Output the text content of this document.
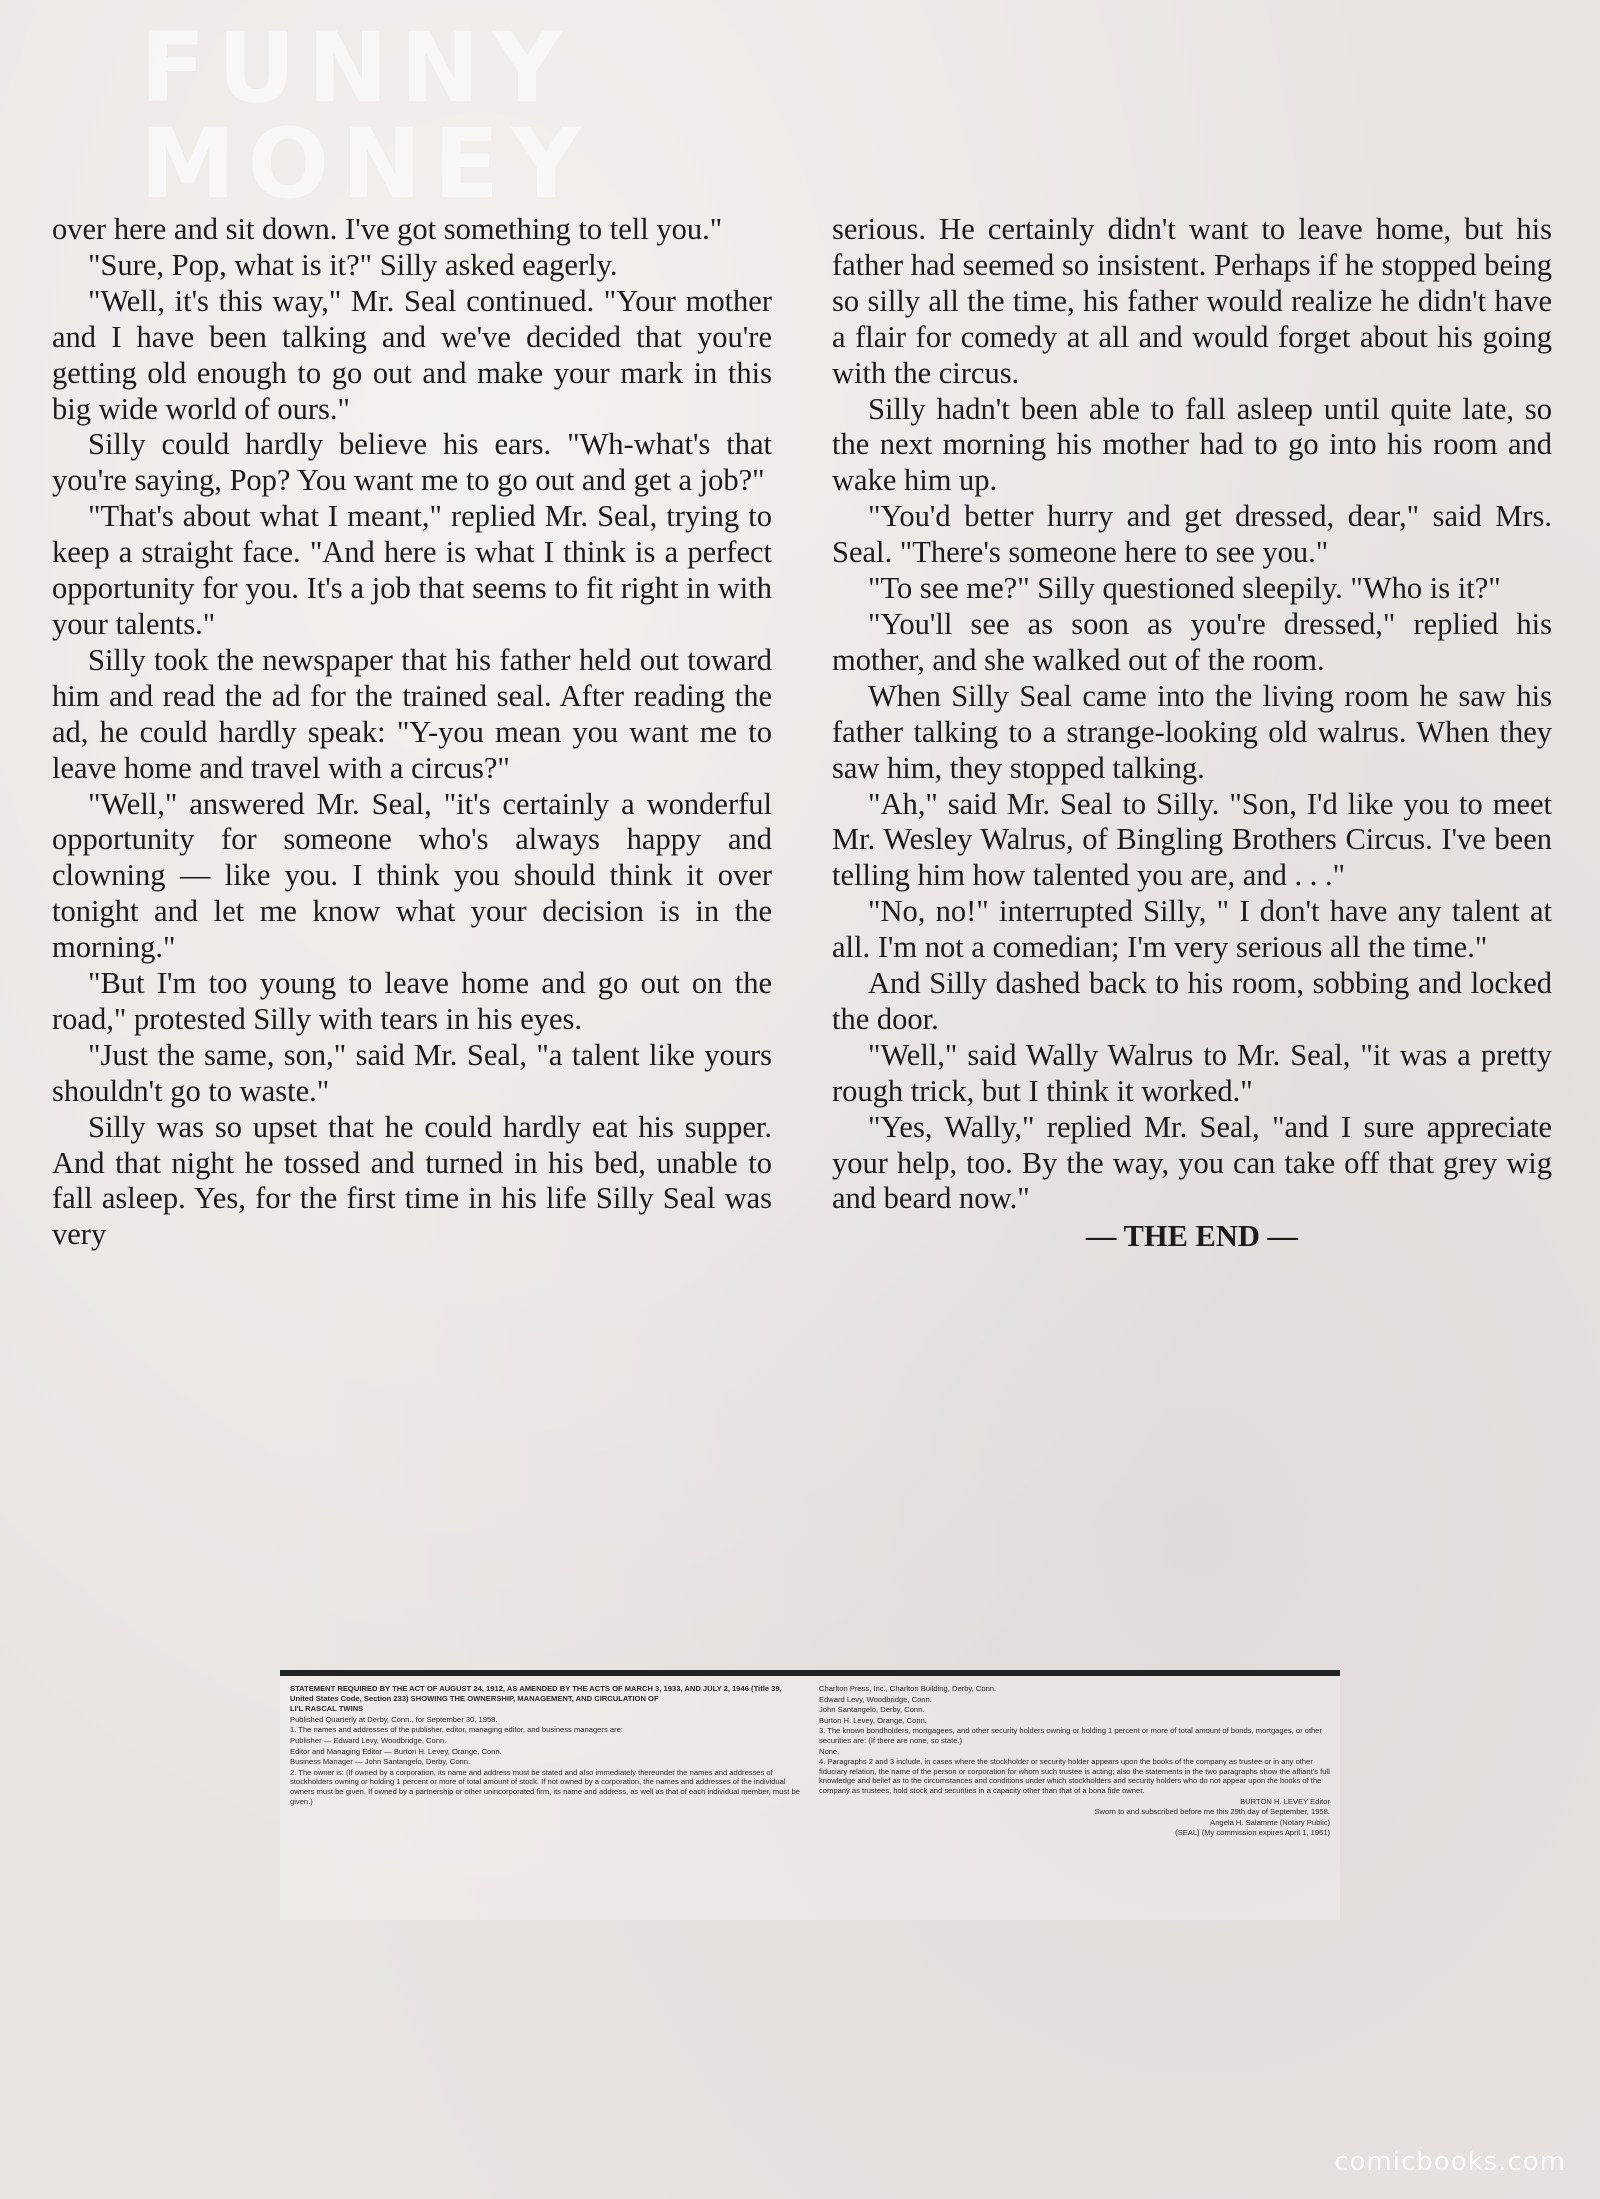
FUNNY
MONEY

over here and sit down. I've got something to tell you."

"Sure, Pop, what is it?" Silly asked eagerly.

"Well, it's this way," Mr. Seal continued. "Your mother and I have been talking and we've decided that you're getting old enough to go out and make your mark in this big wide world of ours."

Silly could hardly believe his ears. "Wh-what's that you're saying, Pop? You want me to go out and get a job?"

"That's about what I meant," replied Mr. Seal, trying to keep a straight face. "And here is what I think is a perfect opportunity for you. It's a job that seems to fit right in with your talents."

Silly took the newspaper that his father held out toward him and read the ad for the trained seal. After reading the ad, he could hardly speak: "Y-you mean you want me to leave home and travel with a circus?"

"Well," answered Mr. Seal, "it's certainly a wonderful opportunity for someone who's always happy and clowning — like you. I think you should think it over tonight and let me know what your decision is in the morning."

"But I'm too young to leave home and go out on the road," protested Silly with tears in his eyes.

"Just the same, son," said Mr. Seal, "a talent like yours shouldn't go to waste."

Silly was so upset that he could hardly eat his supper. And that night he tossed and turned in his bed, unable to fall asleep. Yes, for the first time in his life Silly Seal was very

serious. He certainly didn't want to leave home, but his father had seemed so insistent. Perhaps if he stopped being so silly all the time, his father would realize he didn't have a flair for comedy at all and would forget about his going with the circus.

Silly hadn't been able to fall asleep until quite late, so the next morning his mother had to go into his room and wake him up.

"You'd better hurry and get dressed, dear," said Mrs. Seal. "There's someone here to see you."

"To see me?" Silly questioned sleepily. "Who is it?"

"You'll see as soon as you're dressed," replied his mother, and she walked out of the room.

When Silly Seal came into the living room he saw his father talking to a strange-looking old walrus. When they saw him, they stopped talking.

"Ah," said Mr. Seal to Silly. "Son, I'd like you to meet Mr. Wesley Walrus, of Bingling Brothers Circus. I've been telling him how talented you are, and . . ."

"No, no!" interrupted Silly, " I don't have any talent at all. I'm not a comedian; I'm very serious all the time."

And Silly dashed back to his room, sobbing and locked the door.

"Well," said Wally Walrus to Mr. Seal, "it was a pretty rough trick, but I think it worked."

"Yes, Wally," replied Mr. Seal, "and I sure appreciate your help, too. By the way, you can take off that grey wig and beard now."

— THE END —

STATEMENT REQUIRED BY THE ACT OF AUGUST 24, 1912, AS AMENDED BY THE ACTS OF MARCH 3, 1933, AND JULY 2, 1946 (Title 39, United States Code, Section 233) SHOWING THE OWNERSHIP, MANAGEMENT, AND CIRCULATION OF

LI'L RASCAL TWINS

Published Quarterly at Derby, Conn., for September 30, 1958.

1. The names and addresses of the publisher, editor, managing editor, and business managers are:

Publisher — Edward Levy, Woodbridge, Conn.

Editor and Managing Editor — Burton H. Levey, Orange, Conn.

Business Manager — John Santangelo, Derby, Conn.

2. The owner is: (If owned by a corporation, its name and address must be stated and also immediately thereunder the names and addresses of stockholders owning or holding 1 percent or more of total amount of stock. If not owned by a corporation, the names and addresses of the individual owners must be given. If owned by a partnership or other unincorporated firm, its name and address, as well as that of each individual member, must be given.)

Charlton Press, Inc., Charlton Building, Derby, Conn.

Edward Levy, Woodbridge, Conn.

John Santangelo, Derby, Conn.

Burton H. Levey, Orange, Conn.

3. The known bondholders, mortgagees, and other security holders owning or holding 1 percent or more of total amount of bonds, mortgages, or other securities are: (If there are none, so state.)

None.

4. Paragraphs 2 and 3 include, in cases where the stockholder or security holder appears upon the books of the company as trustee or in any other fiduciary relation, the name of the person or corporation for whom such trustee is acting; also the statements in the two paragraphs show the affiant's full knowledge and belief as to the circumstances and conditions under which stockholders and security holders who do not appear upon the books of the company as trustees, hold stock and securities in a capacity other than that of a bona fide owner.

BURTON H. LEVEY Editor

Sworn to and subscribed before me this 29th day of September, 1958.

Angela H. Salamme (Notary Public)

(SEAL) (My commission expires April 1, 1961)

comicbooks.com
